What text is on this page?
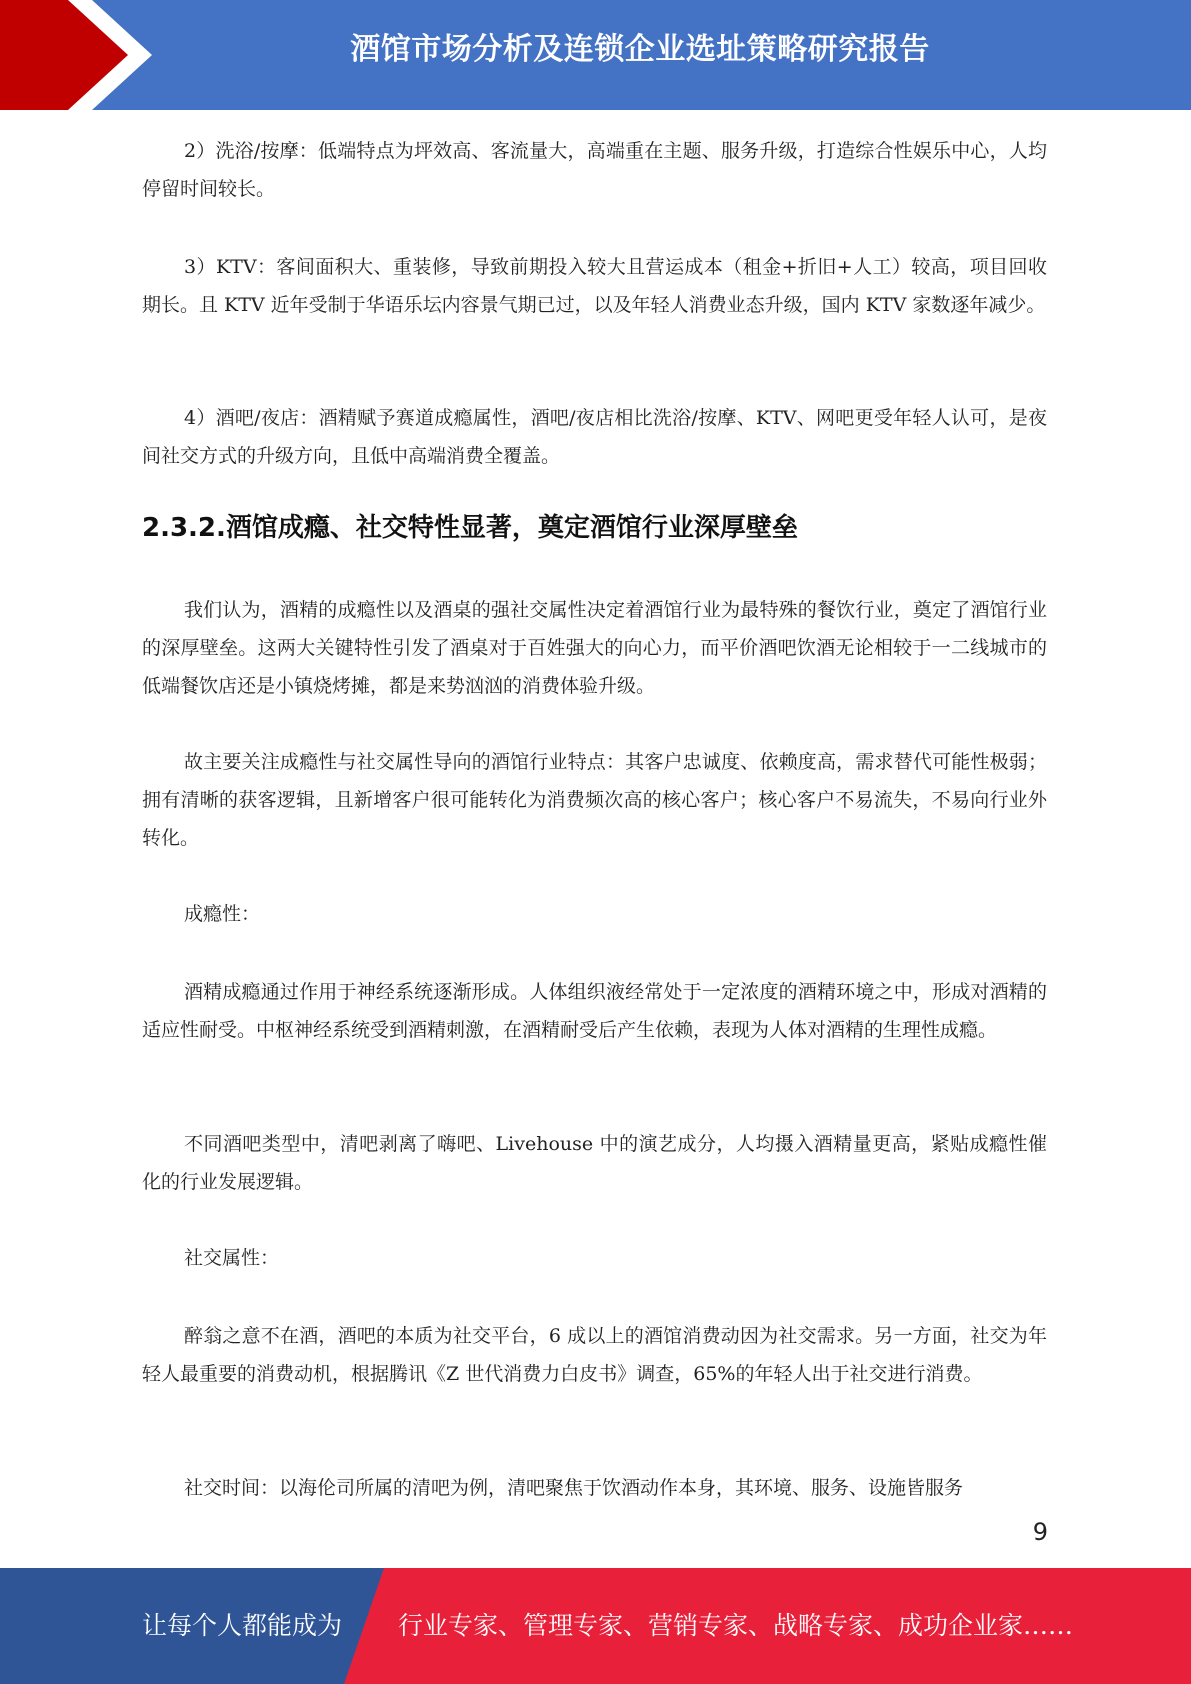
酒馆市场分析及连锁企业选址策略研究报告

2）洗浴/按摩：低端特点为坪效高、客流量大，高端重在主题、服务升级，打造综合性娱乐中心，人均停留时间较长。

3）KTV：客间面积大、重装修，导致前期投入较大且营运成本（租金+折旧+人工）较高，项目回收期长。且 KTV 近年受制于华语乐坛内容景气期已过，以及年轻人消费业态升级，国内 KTV 家数逐年减少。

4）酒吧/夜店：酒精赋予赛道成瘾属性，酒吧/夜店相比洗浴/按摩、KTV、网吧更受年轻人认可，是夜间社交方式的升级方向，且低中高端消费全覆盖。

2.3.2.酒馆成瘾、社交特性显著，奠定酒馆行业深厚壁垒

我们认为，酒精的成瘾性以及酒桌的强社交属性决定着酒馆行业为最特殊的餐饮行业，奠定了酒馆行业的深厚壁垒。这两大关键特性引发了酒桌对于百姓强大的向心力，而平价酒吧饮酒无论相较于一二线城市的低端餐饮店还是小镇烧烤摊，都是来势汹汹的消费体验升级。

故主要关注成瘾性与社交属性导向的酒馆行业特点：其客户忠诚度、依赖度高，需求替代可能性极弱；拥有清晰的获客逻辑，且新增客户很可能转化为消费频次高的核心客户；核心客户不易流失，不易向行业外转化。

成瘾性：

酒精成瘾通过作用于神经系统逐渐形成。人体组织液经常处于一定浓度的酒精环境之中，形成对酒精的适应性耐受。中枢神经系统受到酒精刺激，在酒精耐受后产生依赖，表现为人体对酒精的生理性成瘾。

不同酒吧类型中，清吧剥离了嗨吧、Livehouse 中的演艺成分，人均摄入酒精量更高，紧贴成瘾性催化的行业发展逻辑。

社交属性：

醉翁之意不在酒，酒吧的本质为社交平台，6 成以上的酒馆消费动因为社交需求。另一方面，社交为年轻人最重要的消费动机，根据腾讯《Z 世代消费力白皮书》调查，65%的年轻人出于社交进行消费。

社交时间：以海伦司所属的清吧为例，清吧聚焦于饮酒动作本身，其环境、服务、设施皆服务

9
让每个人都能成为 行业专家、管理专家、营销专家、战略专家、成功企业家……
